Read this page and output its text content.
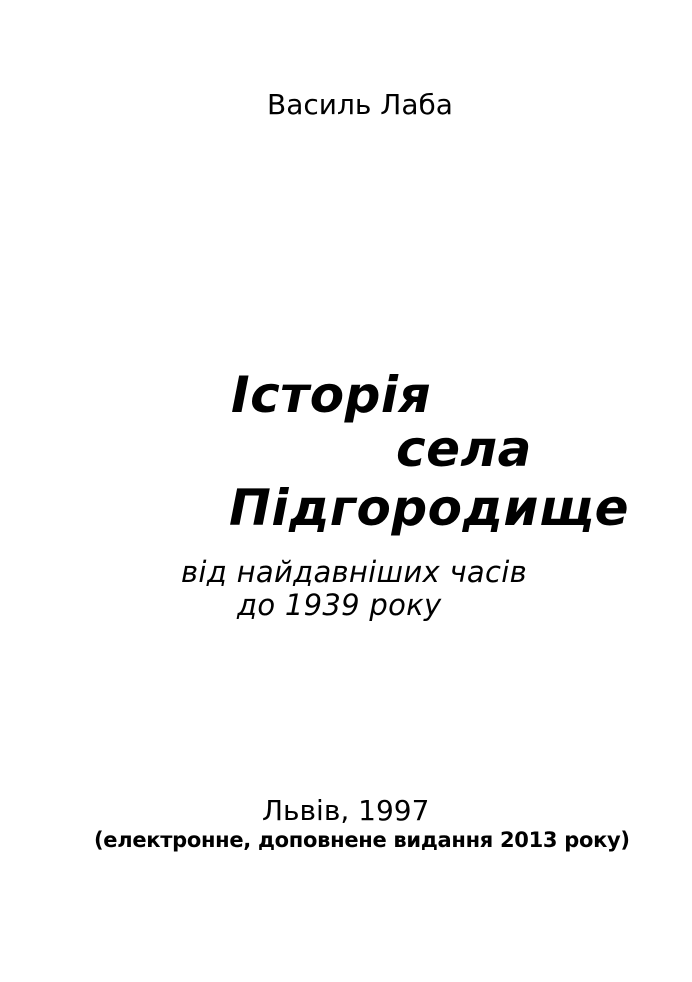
Василь Лаба
Історія
села
Підгородище
від найдавніших часів
до 1939 року
Львів, 1997
(електронне, доповнене видання 2013 року)
